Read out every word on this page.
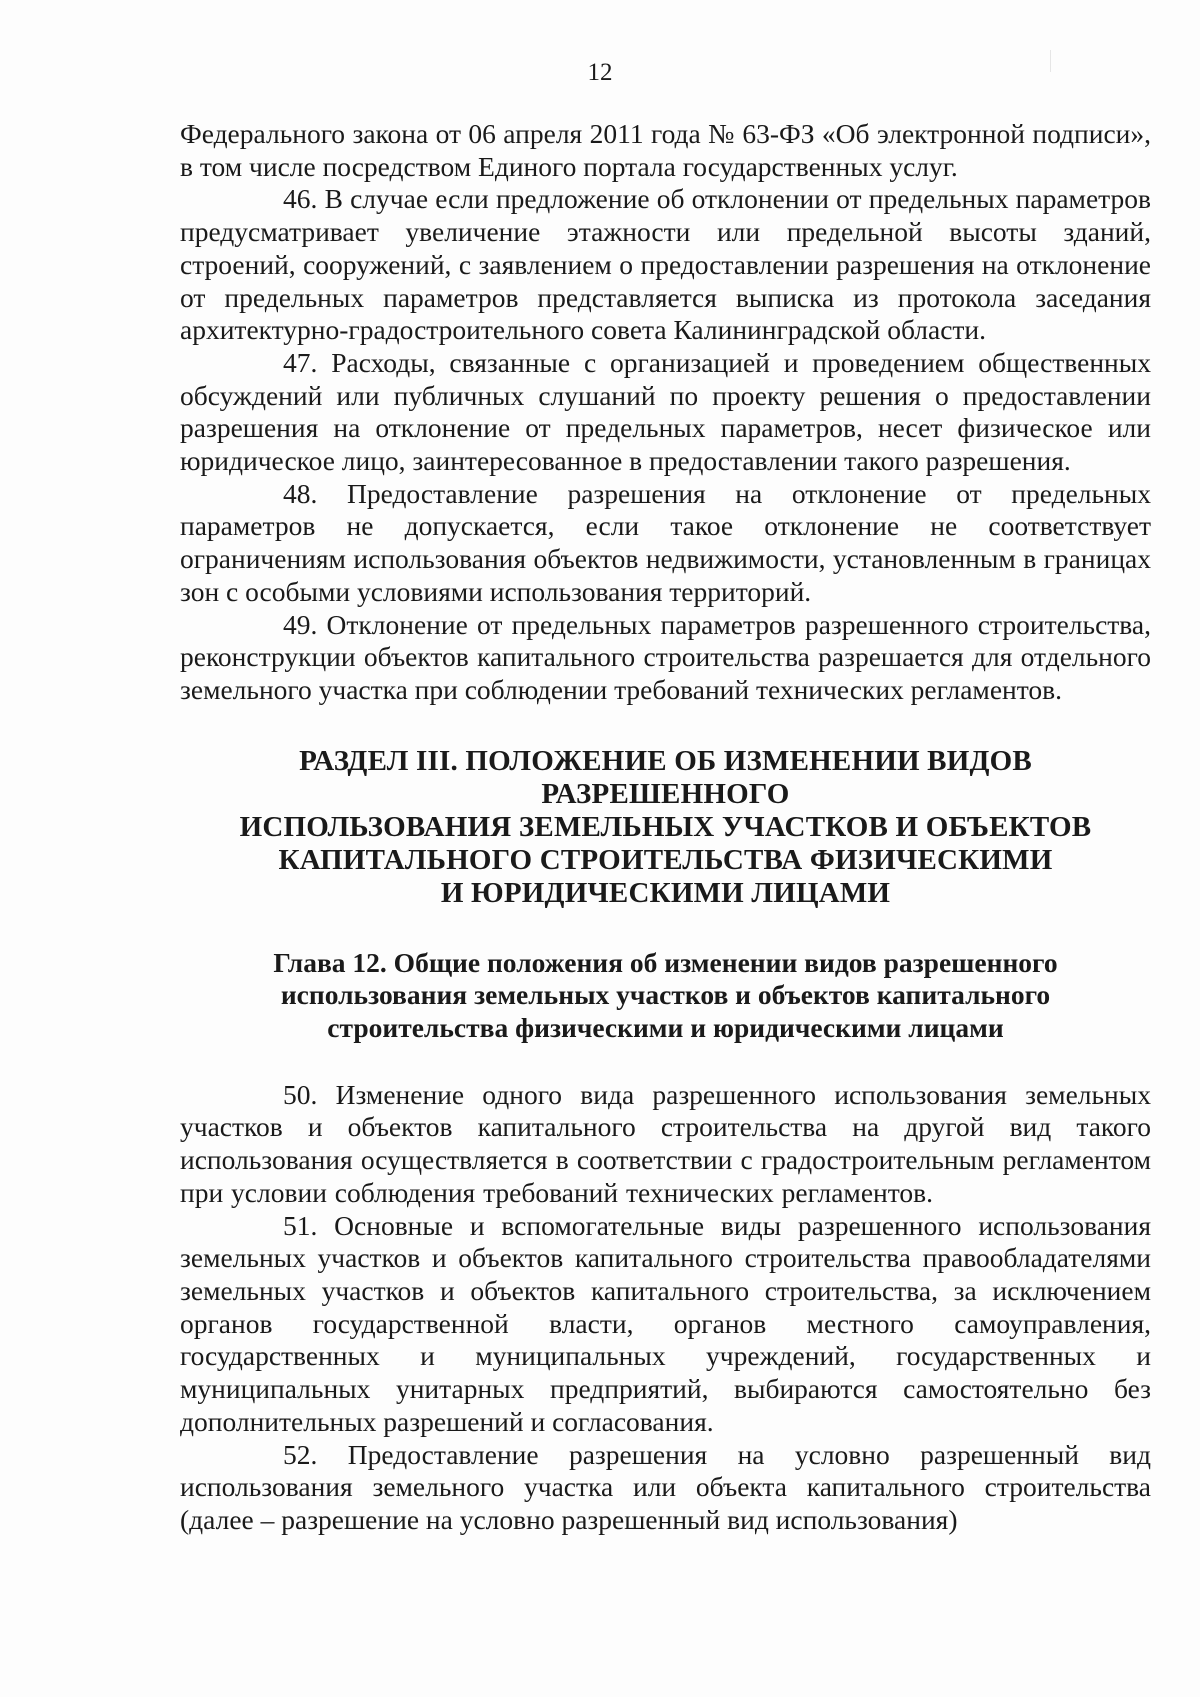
12

Федерального закона от 06 апреля 2011 года № 63-ФЗ «Об электронной подписи», в том числе посредством Единого портала государственных услуг.

46. В случае если предложение об отклонении от предельных параметров предусматривает увеличение этажности или предельной высоты зданий, строений, сооружений, с заявлением о предоставлении разрешения на отклонение от предельных параметров представляется выписка из протокола заседания архитектурно-градостроительного совета Калининградской области.

47. Расходы, связанные с организацией и проведением общественных обсуждений или публичных слушаний по проекту решения о предоставлении разрешения на отклонение от предельных параметров, несет физическое или юридическое лицо, заинтересованное в предоставлении такого разрешения.

48. Предоставление разрешения на отклонение от предельных параметров не допускается, если такое отклонение не соответствует ограничениям использования объектов недвижимости, установленным в границах зон с особыми условиями использования территорий.

49. Отклонение от предельных параметров разрешенного строительства, реконструкции объектов капитального строительства разрешается для отдельного земельного участка при соблюдении требований технических регламентов.

РАЗДЕЛ III. ПОЛОЖЕНИЕ ОБ ИЗМЕНЕНИИ ВИДОВ РАЗРЕШЕННОГО
ИСПОЛЬЗОВАНИЯ ЗЕМЕЛЬНЫХ УЧАСТКОВ И ОБЪЕКТОВ
КАПИТАЛЬНОГО СТРОИТЕЛЬСТВА ФИЗИЧЕСКИМИ
И ЮРИДИЧЕСКИМИ ЛИЦАМИ
Глава 12. Общие положения об изменении видов разрешенного
использования земельных участков и объектов капитального
строительства физическими и юридическими лицами

50. Изменение одного вида разрешенного использования земельных участков и объектов капитального строительства на другой вид такого использования осуществляется в соответствии с градостроительным регламентом при условии соблюдения требований технических регламентов.

51. Основные и вспомогательные виды разрешенного использования земельных участков и объектов капитального строительства правообладателями земельных участков и объектов капитального строительства, за исключением органов государственной власти, органов местного самоуправления, государственных и муниципальных учреждений, государственных и муниципальных унитарных предприятий, выбираются самостоятельно без дополнительных разрешений и согласования.

52. Предоставление разрешения на условно разрешенный вид использования земельного участка или объекта капитального строительства (далее – разрешение на условно разрешенный вид использования)
